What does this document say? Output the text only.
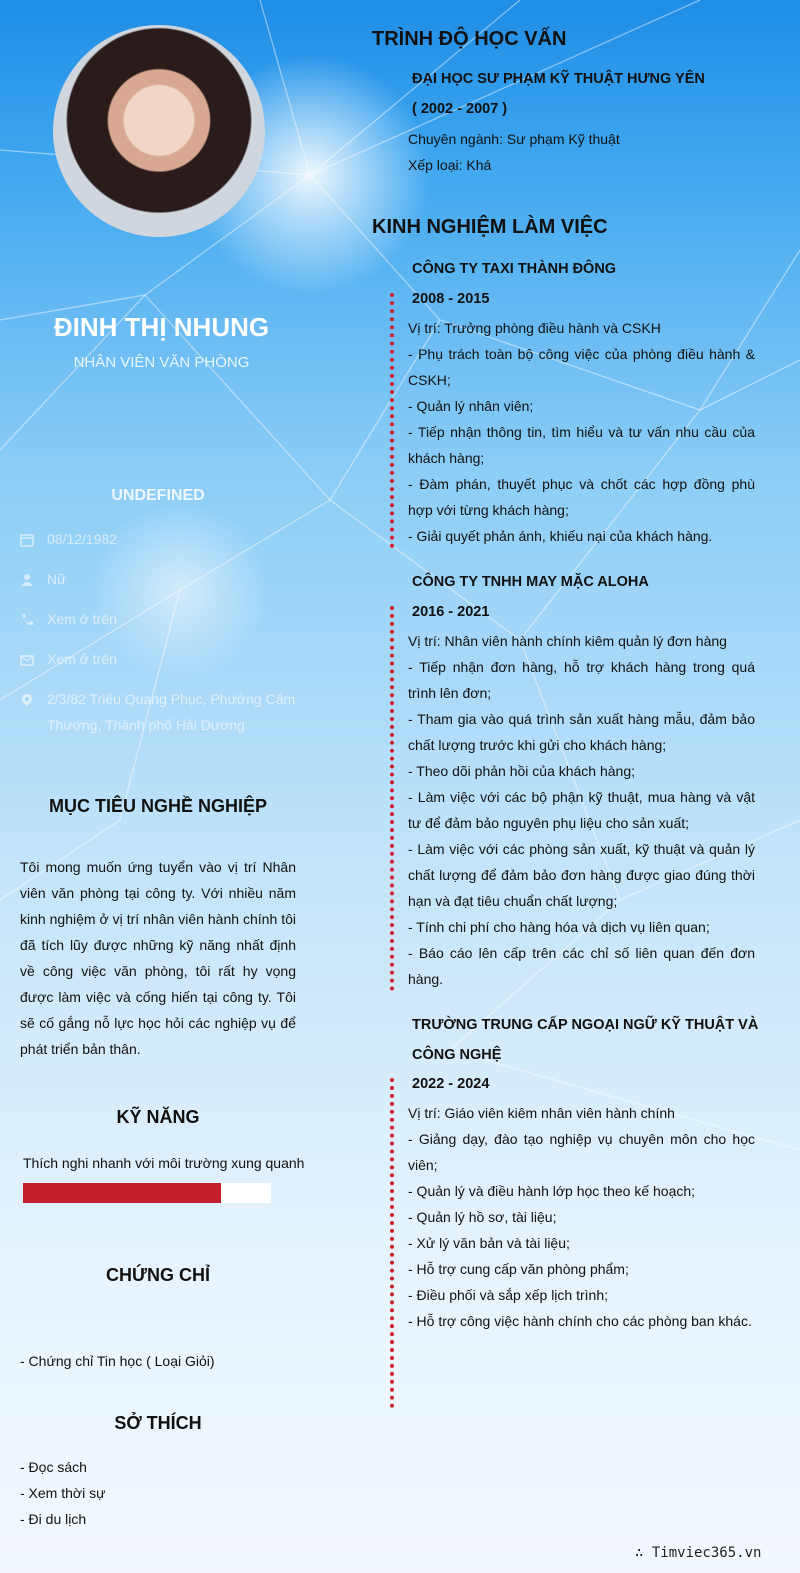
ĐINH THỊ NHUNG
NHÂN VIÊN VĂN PHÒNG
UNDEFINED
08/12/1982
Nữ
Xem ở trên
Xem ở trên
2/3/82 Triệu Quang Phục, Phường Cẩm Thượng, Thành phố Hải Dương
MỤC TIÊU NGHỀ NGHIỆP
Tôi mong muốn ứng tuyển vào vị trí Nhân viên văn phòng tại công ty. Với nhiều năm kinh nghiệm ở vị trí nhân viên hành chính tôi đã tích lũy được những kỹ năng nhất định về công việc văn phòng, tôi rất hy vọng được làm việc và cống hiến tại công ty. Tôi sẽ cố gắng nỗ lực học hỏi các nghiệp vụ để phát triển bản thân.
KỸ NĂNG
Thích nghi nhanh với môi trường xung quanh
CHỨNG CHỈ
- Chứng chỉ Tin học ( Loại Giỏi)
SỞ THÍCH
- Đọc sách
- Xem thời sự
- Đi du lịch
TRÌNH ĐỘ HỌC VẤN
ĐẠI HỌC SƯ PHẠM KỸ THUẬT HƯNG YÊN
( 2002 - 2007 )
Chuyên ngành: Sư phạm Kỹ thuật
Xếp loại: Khá
KINH NGHIỆM LÀM VIỆC
CÔNG TY TAXI THÀNH ĐÔNG
2008 - 2015
Vị trí: Trưởng phòng điều hành và CSKH
- Phụ trách toàn bộ công việc của phòng điều hành & CSKH;
- Quản lý nhân viên;
- Tiếp nhận thông tin, tìm hiểu và tư vấn nhu cầu của khách hàng;
- Đàm phán, thuyết phục và chốt các hợp đồng phù hợp với từng khách hàng;
- Giải quyết phản ánh, khiếu nại của khách hàng.
CÔNG TY TNHH MAY MẶC ALOHA
2016 - 2021
Vị trí: Nhân viên hành chính kiêm quản lý đơn hàng
- Tiếp nhận đơn hàng, hỗ trợ khách hàng trong quá trình lên đơn;
- Tham gia vào quá trình sản xuất hàng mẫu, đảm bảo chất lượng trước khi gửi cho khách hàng;
- Theo dõi phản hồi của khách hàng;
- Làm việc với các bộ phận kỹ thuật, mua hàng và vật tư để đảm bảo nguyên phụ liệu cho sản xuất;
- Làm việc với các phòng sản xuất, kỹ thuật và quản lý chất lượng để đảm bảo đơn hàng được giao đúng thời hạn và đạt tiêu chuẩn chất lượng;
- Tính chi phí cho hàng hóa và dịch vụ liên quan;
- Báo cáo lên cấp trên các chỉ số liên quan đến đơn hàng.
TRƯỜNG TRUNG CẤP NGOẠI NGỮ KỸ THUẬT VÀ CÔNG NGHỆ
2022 - 2024
Vị trí: Giáo viên kiêm nhân viên hành chính
- Giảng dạy, đào tạo nghiệp vụ chuyên môn cho học viên;
- Quản lý và điều hành lớp học theo kế hoạch;
- Quản lý hồ sơ, tài liệu;
- Xử lý văn bản và tài liệu;
- Hỗ trợ cung cấp văn phòng phẩm;
- Điều phối và sắp xếp lịch trình;
- Hỗ trợ công việc hành chính cho các phòng ban khác.
∴ Timviec365.vn
